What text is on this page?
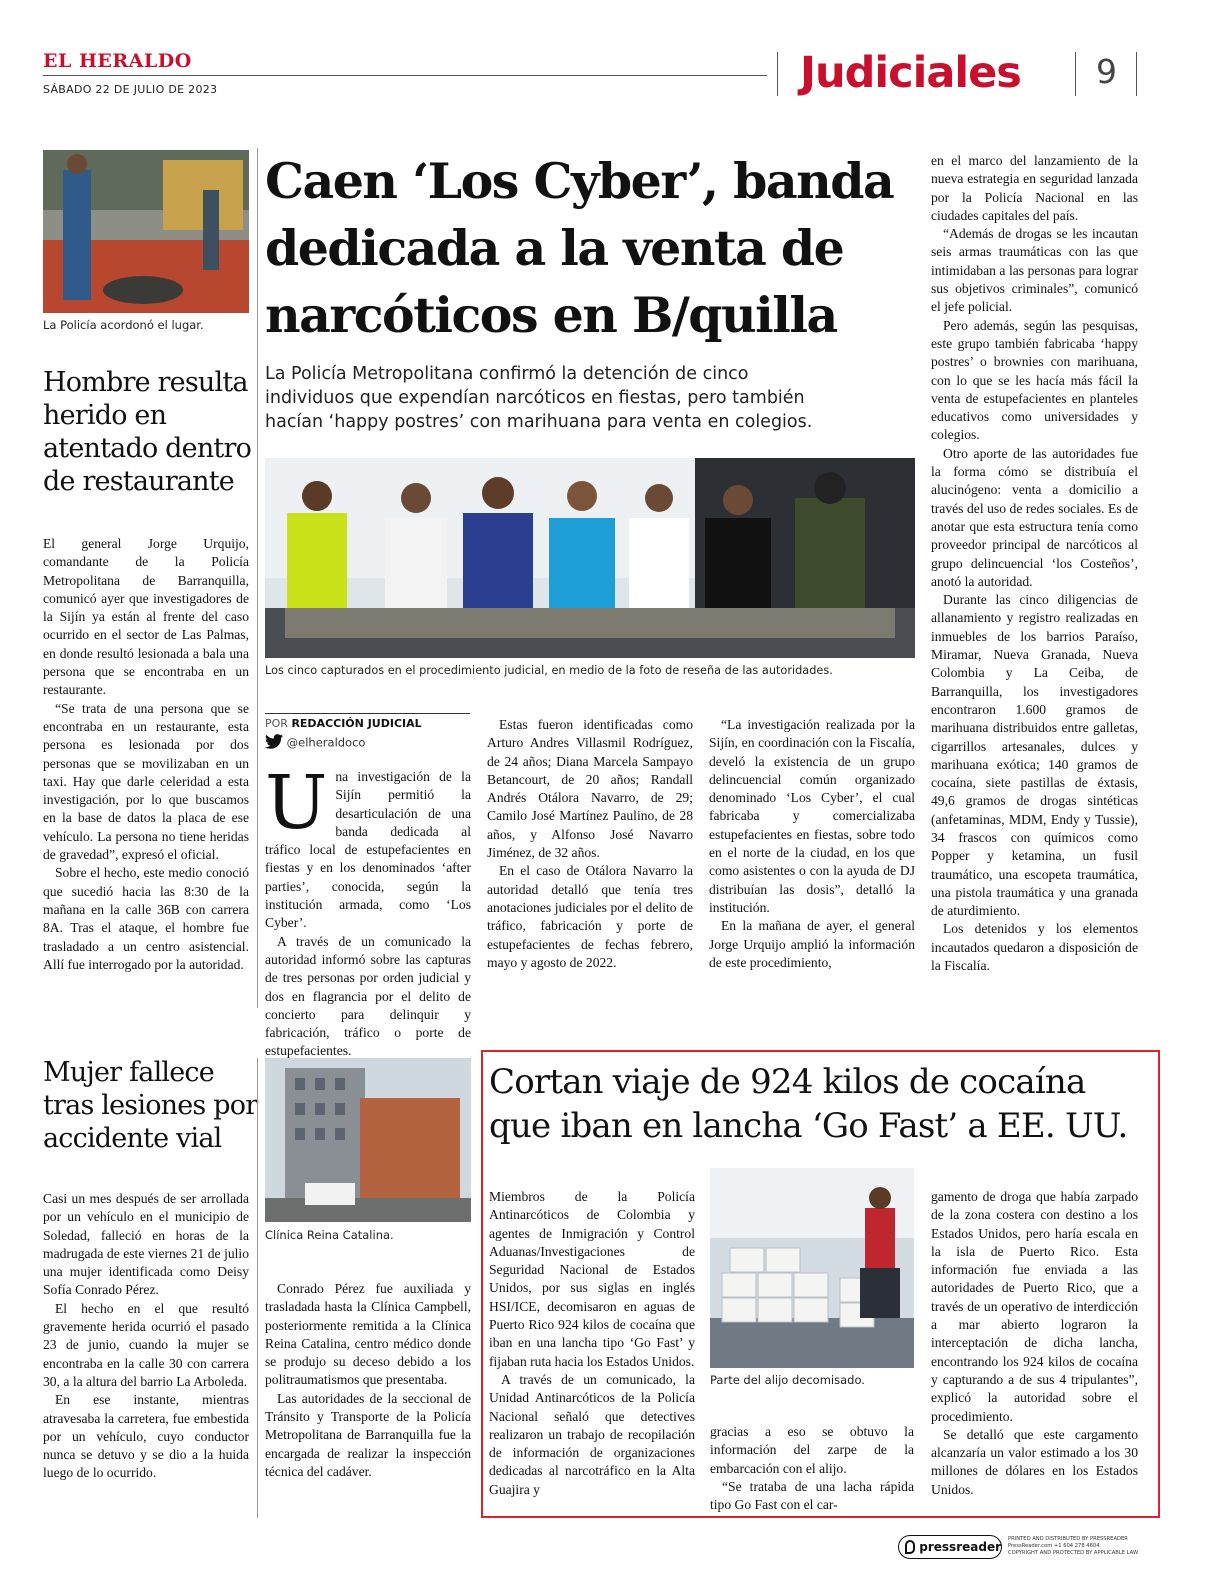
EL HERALDO
SÁBADO 22 DE JULIO DE 2023	Judiciales 9
La Policía acordonó el lugar.
Hombre resulta
herido en
atentado dentro
de restaurante

El general Jorge Urquijo, comandante de la Policía Metropolitana de Barranquilla, comunicó ayer que investigadores de la Sijín ya están al frente del caso ocurrido en el sector de Las Palmas, en donde resultó lesionada a bala una persona que se encontraba en un restaurante.

“Se trata de una persona que se encontraba en un restaurante, esta persona es lesionada por dos personas que se movilizaban en un taxi. Hay que darle celeridad a esta investigación, por lo que buscamos en la base de datos la placa de ese vehículo. La persona no tiene heridas de gravedad”, expresó el oficial.

Sobre el hecho, este medio conoció que sucedió hacia las 8:30 de la mañana en la calle 36B con carrera 8A. Tras el ataque, el hombre fue trasladado a un centro asistencial. Allí fue interrogado por la autoridad.

Caen ‘Los Cyber’, banda
dedicada a la venta de
narcóticos en B/quilla
La Policía Metropolitana confirmó la detención de cinco
individuos que expendían narcóticos en fiestas, pero también
hacían ‘happy postres’ con marihuana para venta en colegios.
Los cinco capturados en el procedimiento judicial, en medio de la foto de reseña de las autoridades.
POR REDACCIÓN JUDICIAL
@elheraldoco
U na investigación de la Sijín permitió la desarticulación de una banda dedicada al tráfico local de estupefacientes en fiestas y en los denominados ‘after parties’, conocida, según la institución armada, como ‘Los Cyber’.

A través de un comunicado la autoridad informó sobre las capturas de tres personas por orden judicial y dos en flagrancia por el delito de concierto para delinquir y fabricación, tráfico o porte de estupefacientes.

Estas fueron identificadas como Arturo Andres Villasmil Rodríguez, de 24 años; Diana Marcela Sampayo Betancourt, de 20 años; Randall Andrés Otálora Navarro, de 29; Camilo José Martínez Paulino, de 28 años, y Alfonso José Navarro Jiménez, de 32 años.

En el caso de Otálora Navarro la autoridad detalló que tenía tres anotaciones judiciales por el delito de tráfico, fabricación y porte de estupefacientes de fechas febrero, mayo y agosto de 2022.

“La investigación realizada por la Sijín, en coordinación con la Fiscalía, develó la existencia de un grupo delincuencial común organizado denominado ‘Los Cyber’, el cual fabricaba y comercializaba estupefacientes en fiestas, sobre todo en el norte de la ciudad, en los que como asistentes o con la ayuda de DJ distribuían las dosis”, detalló la institución.

En la mañana de ayer, el general Jorge Urquijo amplió la información de este procedimiento,

en el marco del lanzamiento de la nueva estrategia en seguridad lanzada por la Policía Nacional en las ciudades capitales del país.

“Además de drogas se les incautan seis armas traumáticas con las que intimidaban a las personas para lograr sus objetivos criminales”, comunicó el jefe policial.

Pero además, según las pesquisas, este grupo también fabricaba ‘happy postres’ o brownies con marihuana, con lo que se les hacía más fácil la venta de estupefacientes en planteles educativos como universidades y colegios.

Otro aporte de las autoridades fue la forma cómo se distribuía el alucinógeno: venta a domicilio a través del uso de redes sociales. Es de anotar que esta estructura tenía como proveedor principal de narcóticos al grupo delincuencial ‘los Costeños’, anotó la autoridad.

Durante las cinco diligencias de allanamiento y registro realizadas en inmuebles de los barrios Paraíso, Miramar, Nueva Granada, Nueva Colombia y La Ceiba, de Barranquilla, los investigadores encontraron 1.600 gramos de marihuana distribuidos entre galletas, cigarrillos artesanales, dulces y marihuana exótica; 140 gramos de cocaína, siete pastillas de éxtasis, 49,6 gramos de drogas sintéticas (anfetaminas, MDM, Endy y Tussie), 34 frascos con químicos como Popper y ketamina, un fusil traumático, una escopeta traumática, una pistola traumática y una granada de aturdimiento.

Los detenidos y los elementos incautados quedaron a disposición de la Fiscalía.

Mujer fallece
tras lesiones por
accidente vial
Clínica Reina Catalina.

Casi un mes después de ser arrollada por un vehículo en el municipio de Soledad, falleció en horas de la madrugada de este viernes 21 de julio una mujer identificada como Deisy Sofía Conrado Pérez.

El hecho en el que resultó gravemente herida ocurrió el pasado 23 de junio, cuando la mujer se encontraba en la calle 30 con carrera 30, a la altura del barrio La Arboleda.

En ese instante, mientras atravesaba la carretera, fue embestida por un vehículo, cuyo conductor nunca se detuvo y se dio a la huida luego de lo ocurrido.

Conrado Pérez fue auxiliada y trasladada hasta la Clínica Campbell, posteriormente remitida a la Clínica Reina Catalina, centro médico donde se produjo su deceso debido a los politraumatismos que presentaba.

Las autoridades de la seccional de Tránsito y Transporte de la Policía Metropolitana de Barranquilla fue la encargada de realizar la inspección técnica del cadáver.

Cortan viaje de 924 kilos de cocaína
que iban en lancha ‘Go Fast’ a EE. UU.

Miembros de la Policía Antinarcóticos de Colombia y agentes de Inmigración y Control Aduanas/Investigaciones de Seguridad Nacional de Estados Unidos, por sus siglas en inglés HSI/ICE, decomisaron en aguas de Puerto Rico 924 kilos de cocaína que iban en una lancha tipo ‘Go Fast’ y fijaban ruta hacia los Estados Unidos.

A través de un comunicado, la Unidad Antinarcóticos de la Policía Nacional señaló que detectives realizaron un trabajo de recopilación de información de organizaciones dedicadas al narcotráfico en la Alta Guajira y

Parte del alijo decomisado.

gracias a eso se obtuvo la información del zarpe de la embarcación con el alijo.

“Se trataba de una lacha rápida tipo Go Fast con el car-

gamento de droga que había zarpado de la zona costera con destino a los Estados Unidos, pero haría escala en la isla de Puerto Rico. Esta información fue enviada a las autoridades de Puerto Rico, que a través de un operativo de interdicción a mar abierto lograron la interceptación de dicha lancha, encontrando los 924 kilos de cocaína y capturando a de sus 4 tripulantes”, explicó la autoridad sobre el procedimiento.

Se detalló que este cargamento alcanzaría un valor estimado a los 30 millones de dólares en los Estados Unidos.

pressreader
PRINTED AND DISTRIBUTED BY PRESSREADER
PressReader.com +1 604 278 4604
COPYRIGHT AND PROTECTED BY APPLICABLE LAW
